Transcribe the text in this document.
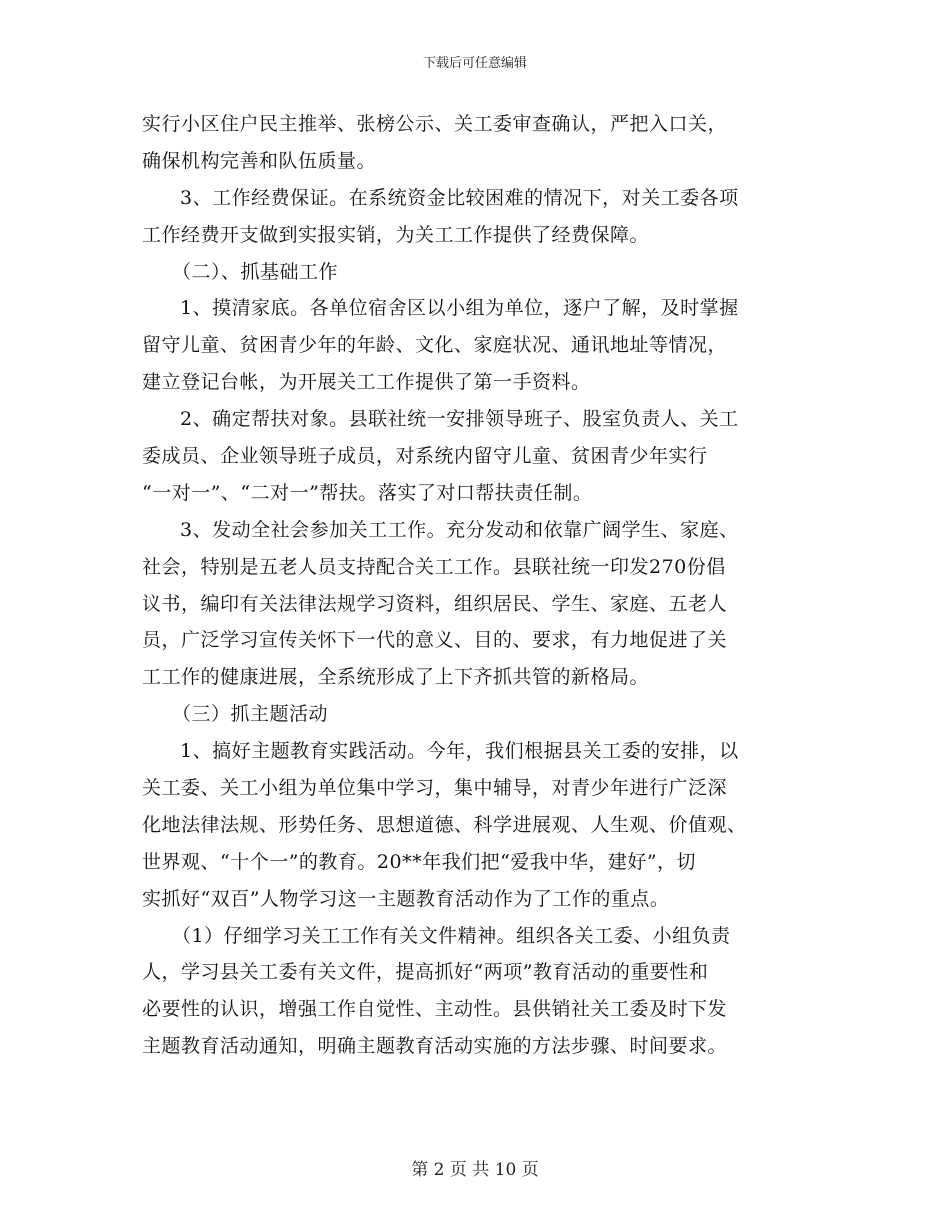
下载后可任意编辑
实行小区住户民主推举、张榜公示、关工委审查确认，严把入口关，
确保机构完善和队伍质量。
3、工作经费保证。在系统资金比较困难的情况下，对关工委各项
工作经费开支做到实报实销，为关工工作提供了经费保障。
（二）、抓基础工作
1、摸清家底。各单位宿舍区以小组为单位，逐户了解，及时掌握
留守儿童、贫困青少年的年龄、文化、家庭状况、通讯地址等情况，
建立登记台帐，为开展关工工作提供了第一手资料。
2、确定帮扶对象。县联社统一安排领导班子、股室负责人、关工
委成员、企业领导班子成员，对系统内留守儿童、贫困青少年实行
“一对一”、“二对一”帮扶。落实了对口帮扶责任制。
3、发动全社会参加关工工作。充分发动和依靠广阔学生、家庭、
社会，特别是五老人员支持配合关工工作。县联社统一印发270份倡
议书，编印有关法律法规学习资料，组织居民、学生、家庭、五老人
员，广泛学习宣传关怀下一代的意义、目的、要求，有力地促进了关
工工作的健康进展，全系统形成了上下齐抓共管的新格局。
（三）抓主题活动
1、搞好主题教育实践活动。今年，我们根据县关工委的安排，以
关工委、关工小组为单位集中学习，集中辅导，对青少年进行广泛深
化地法律法规、形势任务、思想道德、科学进展观、人生观、价值观、
世界观、“十个一”的教育。20**年我们把“爱我中华，建好”，切
实抓好“双百”人物学习这一主题教育活动作为了工作的重点。
（1）仔细学习关工工作有关文件精神。组织各关工委、小组负责
人，学习县关工委有关文件，提高抓好“两项”教育活动的重要性和
必要性的认识，增强工作自觉性、主动性。县供销社关工委及时下发
主题教育活动通知，明确主题教育活动实施的方法步骤、时间要求。
第 2 页 共 10 页
